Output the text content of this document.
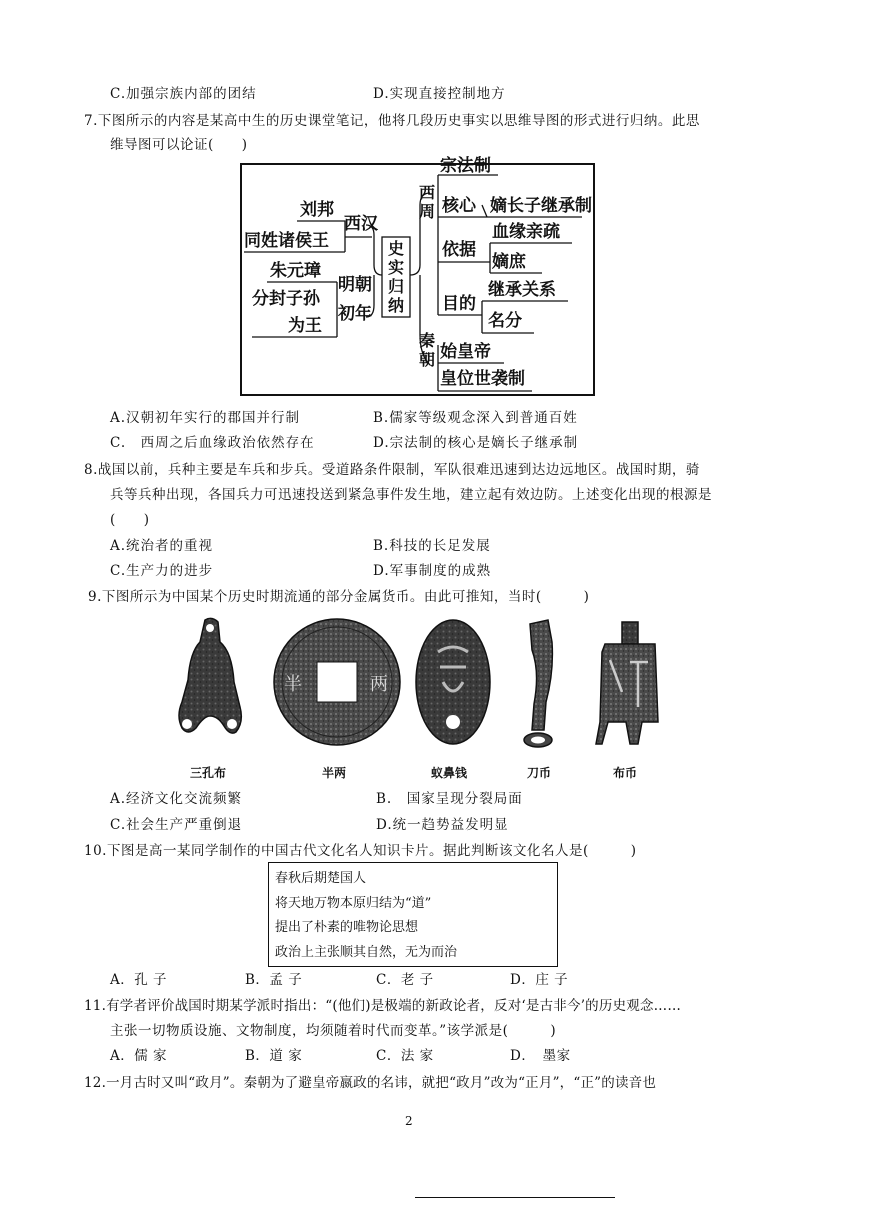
C.加强宗族内部的团结	D.实现直接控制地方
7.下图所示的内容是某高中生的历史课堂笔记，他将几段历史事实以思维导图的形式进行归纳。此思
维导图可以论证(　　)
刘邦
西汉
同姓诸侯王
朱元璋
明朝
初年
分封子孙
为王
史
实
归
纳
西
周
宗法制
核心 嫡长子继承制
依据
血缘亲疏
嫡庶
目的
继承关系
名分
秦
朝 始皇帝
皇位世袭制
A.汉朝初年实行的郡国并行制	B.儒家等级观念深入到普通百姓
C.　西周之后血缘政治依然存在	D.宗法制的核心是嫡长子继承制
8.战国以前，兵种主要是车兵和步兵。受道路条件限制，军队很难迅速到达边远地区。战国时期，骑
兵等兵种出现，各国兵力可迅速投送到紧急事件发生地，建立起有效边防。上述变化出现的根源是
(　　)
A.统治者的重视	B.科技的长足发展
C.生产力的进步	D.军事制度的成熟
9.下图所示为中国某个历史时期流通的部分金属货币。由此可推知，当时(　　　)
半	两
三孔布	半两	蚁鼻钱	刀币	布币
A.经济文化交流频繁	B.　国家呈现分裂局面
C.社会生产严重倒退	D.统一趋势益发明显
10.下图是高一某同学制作的中国古代文化名人知识卡片。据此判断该文化名人是(　　　)
春秋后期楚国人
将天地万物本原归结为“道”
提出了朴素的唯物论思想
政治上主张顺其自然，无为而治
A．孔 子	B．孟 子	C．老 子	D．庄 子
11.有学者评价战国时期某学派时指出：“(他们)是极端的新政论者，反对‘是古非今’的历史观念……
主张一切物质设施、文物制度，均须随着时代而变革。”该学派是(　　　)
A．儒 家	B．道 家	C．法 家	D．　墨家
12.一月古时又叫“政月”。秦朝为了避皇帝嬴政的名讳，就把“政月”改为“正月”，“正”的读音也
2
